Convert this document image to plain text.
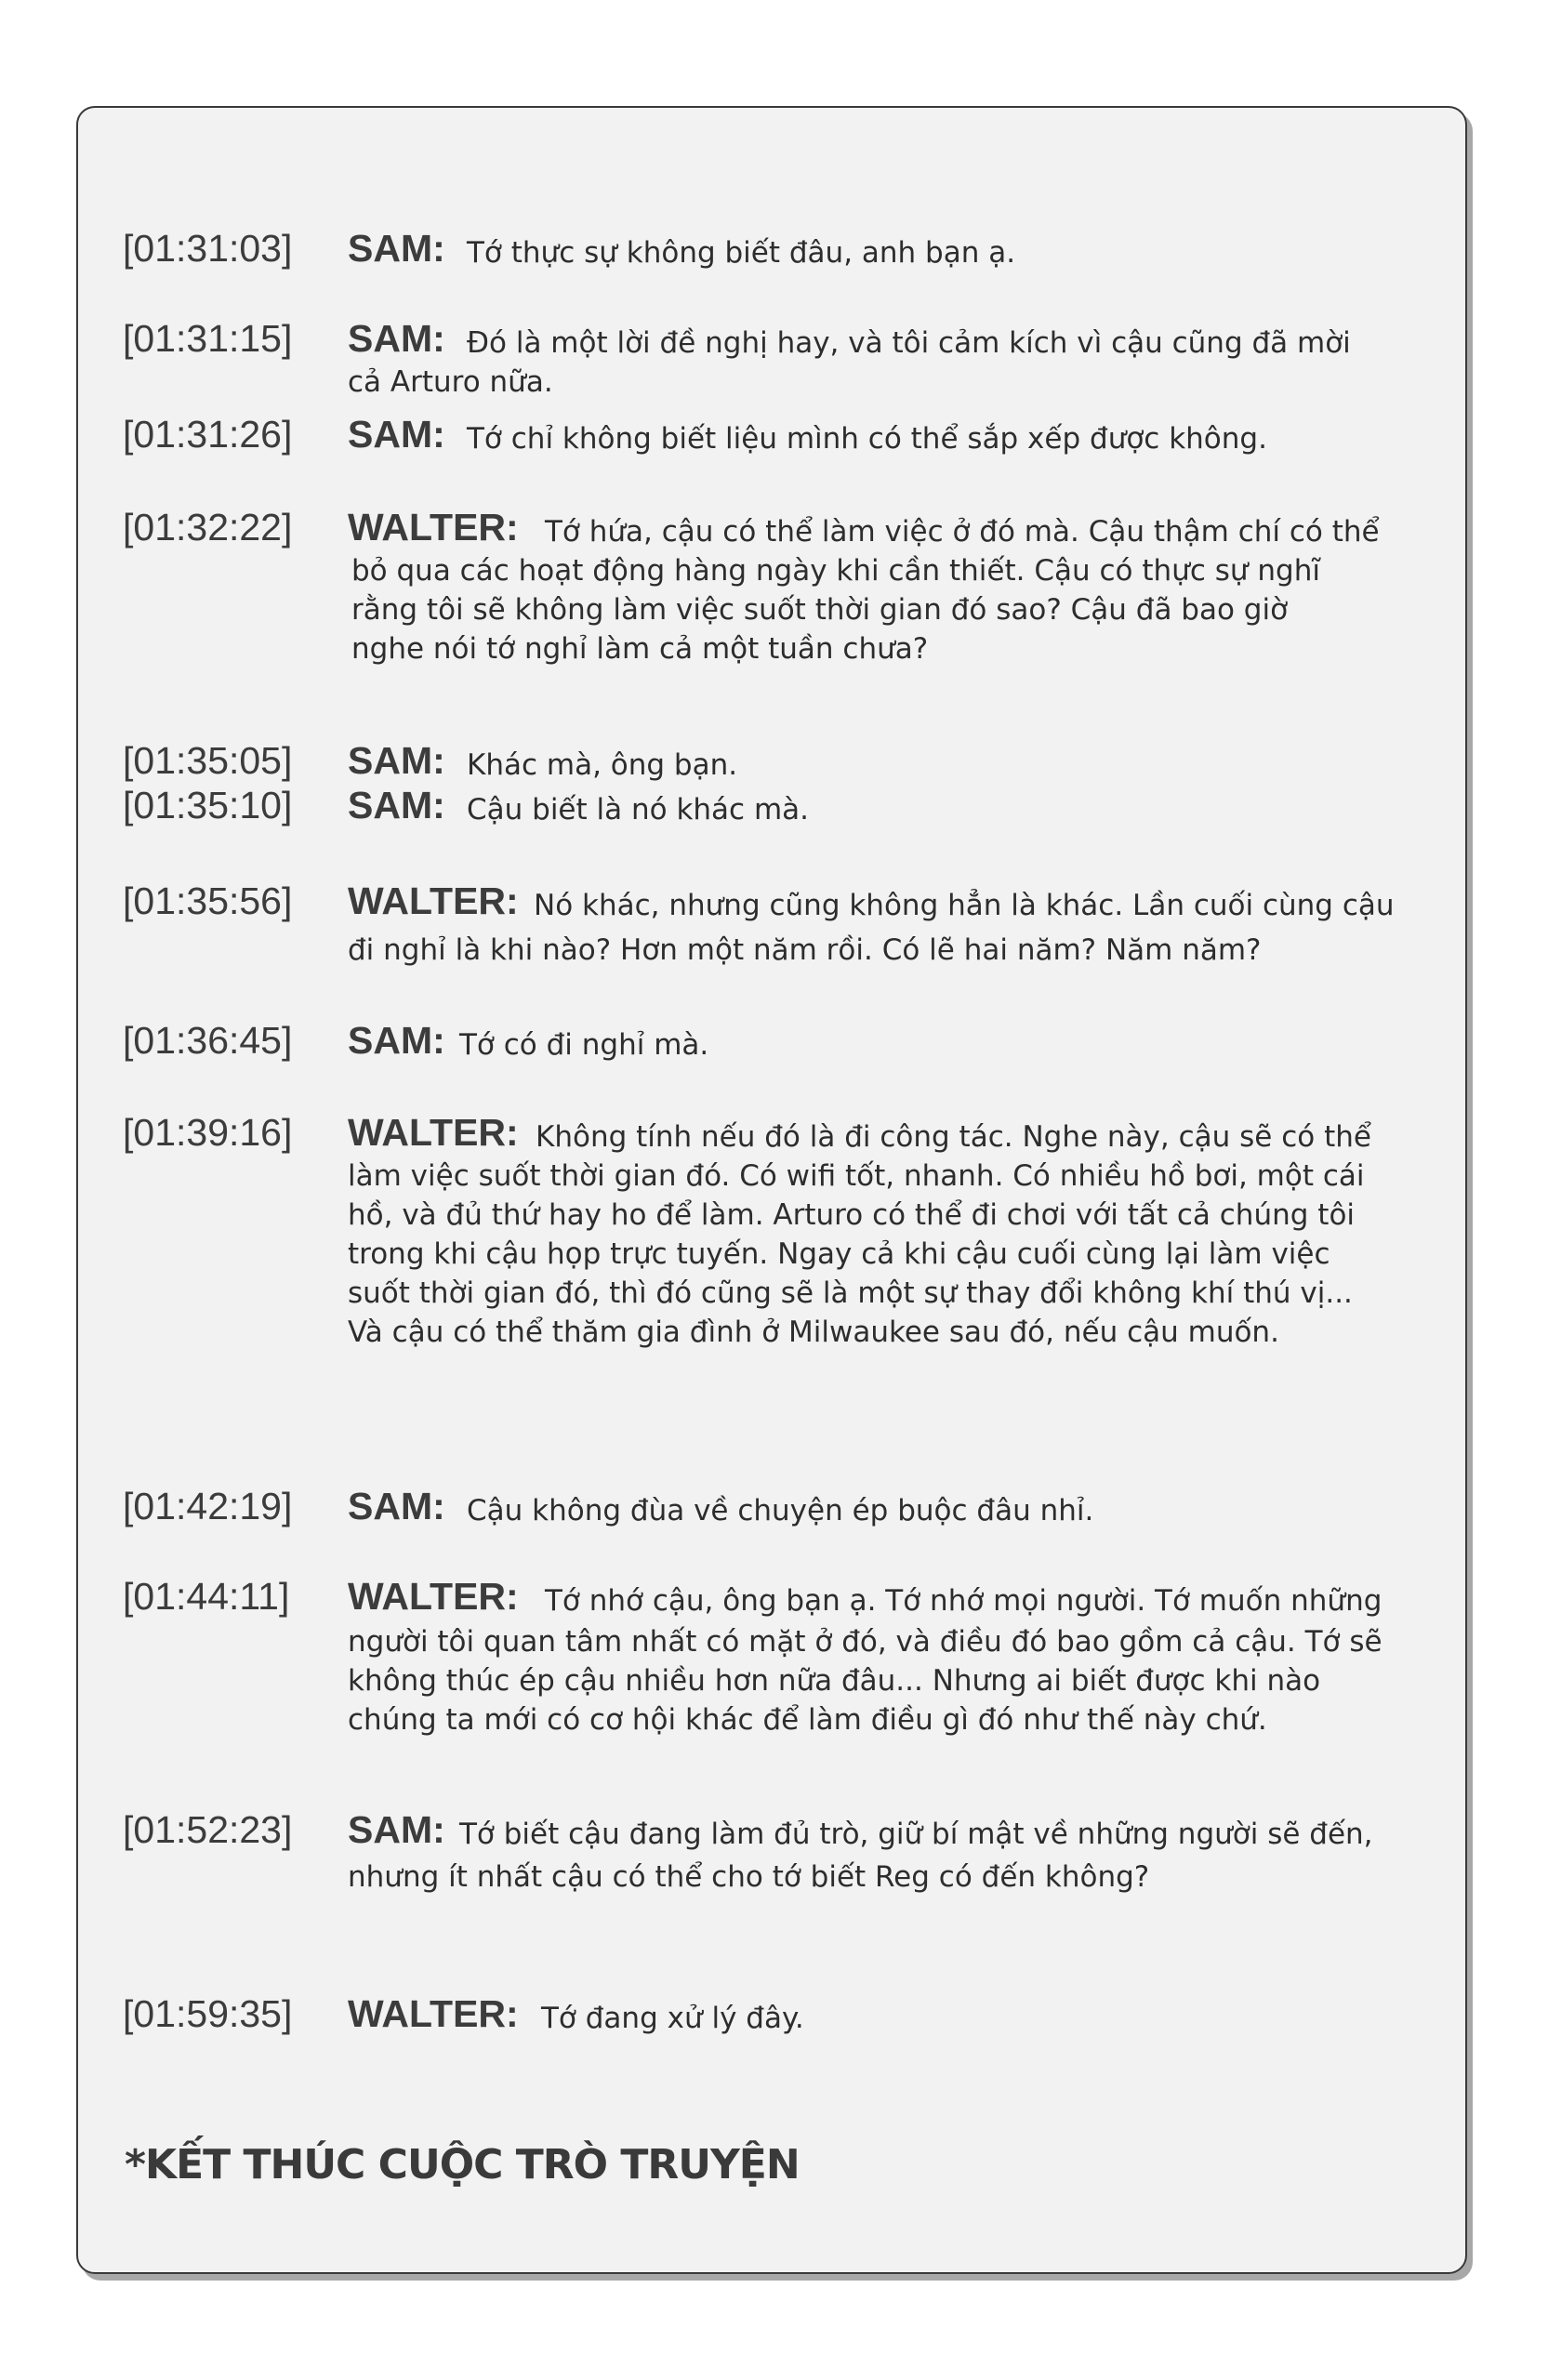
[01:31:03] SAM: Tớ thực sự không biết đâu, anh bạn ạ.
[01:31:15] SAM: Đó là một lời đề nghị hay, và tôi cảm kích vì cậu cũng đã mời
cả Arturo nữa.
[01:31:26] SAM: Tớ chỉ không biết liệu mình có thể sắp xếp được không.
[01:32:22] WALTER: Tớ hứa, cậu có thể làm việc ở đó mà. Cậu thậm chí có thể
bỏ qua các hoạt động hàng ngày khi cần thiết. Cậu có thực sự nghĩ
rằng tôi sẽ không làm việc suốt thời gian đó sao? Cậu đã bao giờ
nghe nói tớ nghỉ làm cả một tuần chưa?
[01:35:05] SAM: Khác mà, ông bạn.
[01:35:10] SAM: Cậu biết là nó khác mà.
[01:35:56] WALTER: Nó khác, nhưng cũng không hẳn là khác. Lần cuối cùng cậu
đi nghỉ là khi nào? Hơn một năm rồi. Có lẽ hai năm? Năm năm?
[01:36:45] SAM: Tớ có đi nghỉ mà.
[01:39:16] WALTER: Không tính nếu đó là đi công tác. Nghe này, cậu sẽ có thể
làm việc suốt thời gian đó. Có wifi tốt, nhanh. Có nhiều hồ bơi, một cái
hồ, và đủ thứ hay ho để làm. Arturo có thể đi chơi với tất cả chúng tôi
trong khi cậu họp trực tuyến. Ngay cả khi cậu cuối cùng lại làm việc
suốt thời gian đó, thì đó cũng sẽ là một sự thay đổi không khí thú vị...
Và cậu có thể thăm gia đình ở Milwaukee sau đó, nếu cậu muốn.
[01:42:19] SAM: Cậu không đùa về chuyện ép buộc đâu nhỉ.
[01:44:11] WALTER: Tớ nhớ cậu, ông bạn ạ. Tớ nhớ mọi người. Tớ muốn những
người tôi quan tâm nhất có mặt ở đó, và điều đó bao gồm cả cậu. Tớ sẽ
không thúc ép cậu nhiều hơn nữa đâu... Nhưng ai biết được khi nào
chúng ta mới có cơ hội khác để làm điều gì đó như thế này chứ.
[01:52:23] SAM: Tớ biết cậu đang làm đủ trò, giữ bí mật về những người sẽ đến,
nhưng ít nhất cậu có thể cho tớ biết Reg có đến không?
[01:59:35] WALTER: Tớ đang xử lý đây.
*KẾT THÚC CUỘC TRÒ TRUYỆN
